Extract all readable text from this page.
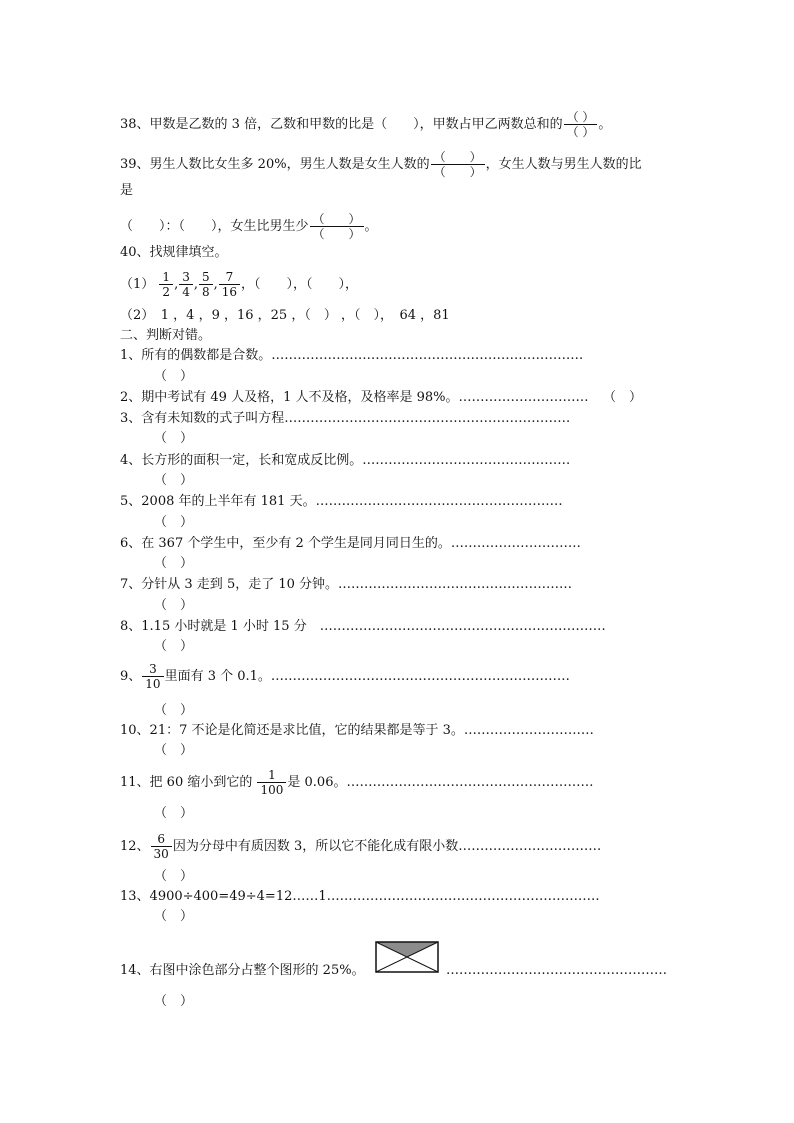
38、甲数是乙数的 3 倍，乙数和甲数的比是（　　），甲数占甲乙两数总和的 $\frac{( )}{( )}$ 。
39、男生人数比女生多 20%，男生人数是女生人数的 $\frac{( )}{( )}$ ，女生人数与男生人数的比
是
（　　）：（　　），女生比男生少 $\frac{( )}{( )}$ 。
40、找规律填空。
$(1) \frac{1}{2}$ , $\frac{3}{4}$ , $\frac{5}{8}$ , $\frac{7}{16}$ ，（　　），（　　），
（2）　1 ，4 ，9 ，16 ，25 ，（　） ，（　），　64 ，81
二、判断对错。
1、所有的偶数都是合数。………………………………………………………………
（　）
2、期中考试有 49 人及格，1 人不及格，及格率是 98%。………………………… （　）
3、含有未知数的式子叫方程…………………………………………………………
（　）
4、长方形的面积一定，长和宽成反比例。…………………………………………
（　）
5、2008 年的上半年有 181 天。…………………………………………………
（　）
6、在 367 个学生中，至少有 2 个学生是同月同日生的。…………………………
（　）
7、分针从 3 走到 5，走了 10 分钟。………………………………………………
（　）
8、1.15 小时就是 1 小时 15 分　…………………………………………………………
（　）
9、 $\frac{3}{10}$ 里面有 3 个 0.1。……………………………………………………………
（　）
10、21：7 不论是化简还是求比值，它的结果都是等于 3。…………………………
（　）
11、把 60 缩小到它的 $\frac{1}{100}$ 是 0.06。…………………………………………………
（　）
12、 $\frac{6}{30}$ 因为分母中有质因数 3，所以它不能化成有限小数……………………………
（　）
13、4900÷400=49÷4=12……1………………………………………………………
（　）
14、右图中涂色部分占整个图形的 25%。	……………………………………………
（　）
